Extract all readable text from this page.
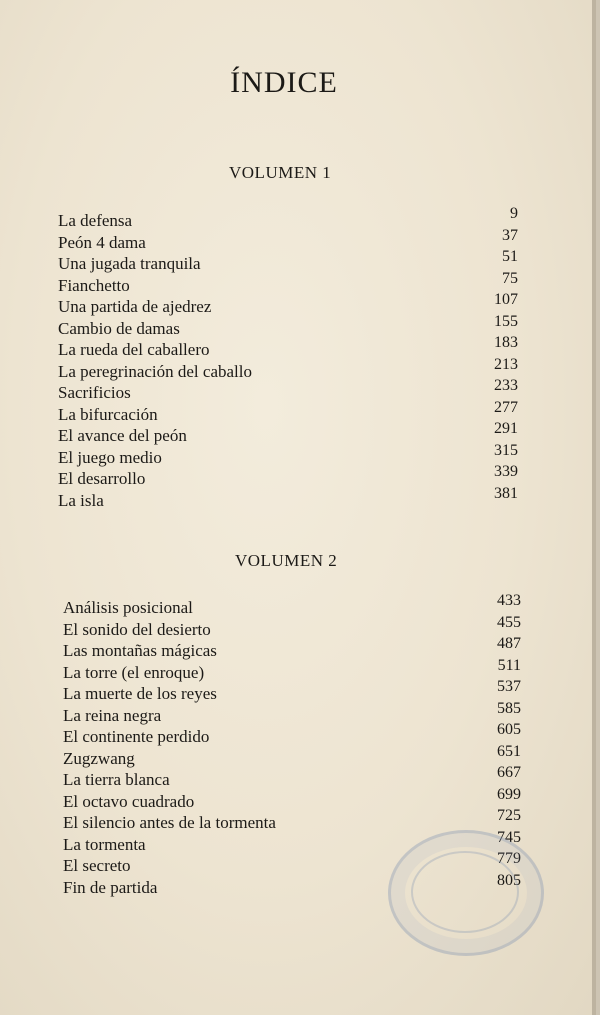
ÍNDICE
VOLUMEN 1
La defensa	9
Peón 4 dama	37
Una jugada tranquila	51
Fianchetto	75
Una partida de ajedrez	107
Cambio de damas	155
La rueda del caballero	183
La peregrinación del caballo	213
Sacrificios	233
La bifurcación	277
El avance del peón	291
El juego medio	315
El desarrollo	339
La isla	381
VOLUMEN 2
Análisis posicional	433
El sonido del desierto	455
Las montañas mágicas	487
La torre (el enroque)	511
La muerte de los reyes	537
La reina negra	585
El continente perdido	605
Zugzwang	651
La tierra blanca	667
El octavo cuadrado	699
El silencio antes de la tormenta	725
La tormenta	745
El secreto	779
Fin de partida	805
